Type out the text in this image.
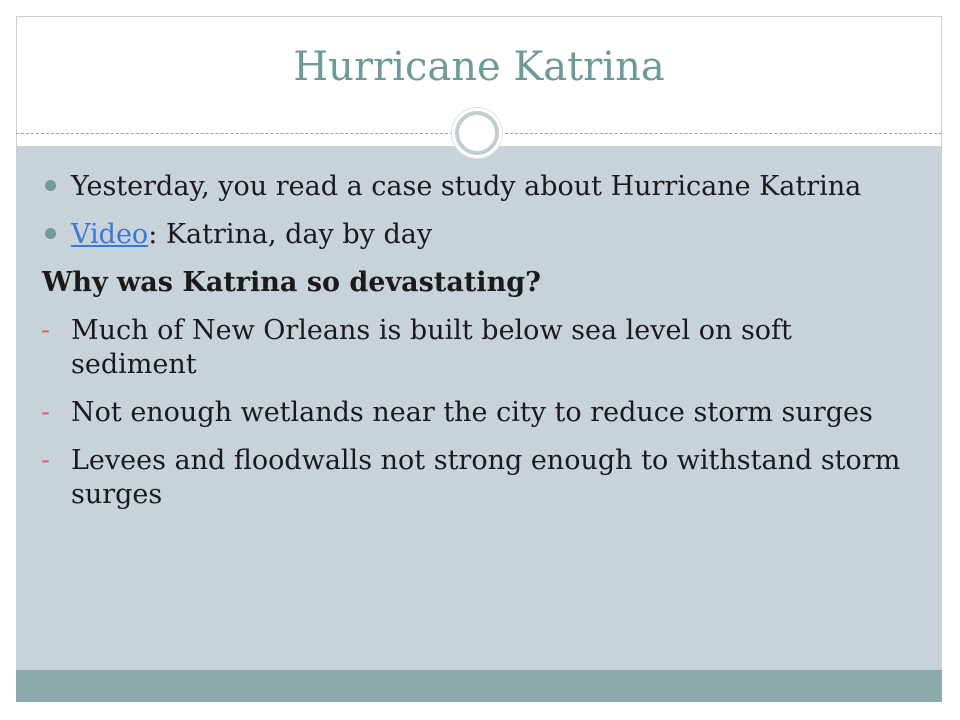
Hurricane Katrina
Yesterday, you read a case study about Hurricane Katrina
Video: Katrina, day by day
Why was Katrina so devastating?
- Much of New Orleans is built below sea level on soft sediment
- Not enough wetlands near the city to reduce storm surges
- Levees and floodwalls not strong enough to withstand storm surges
